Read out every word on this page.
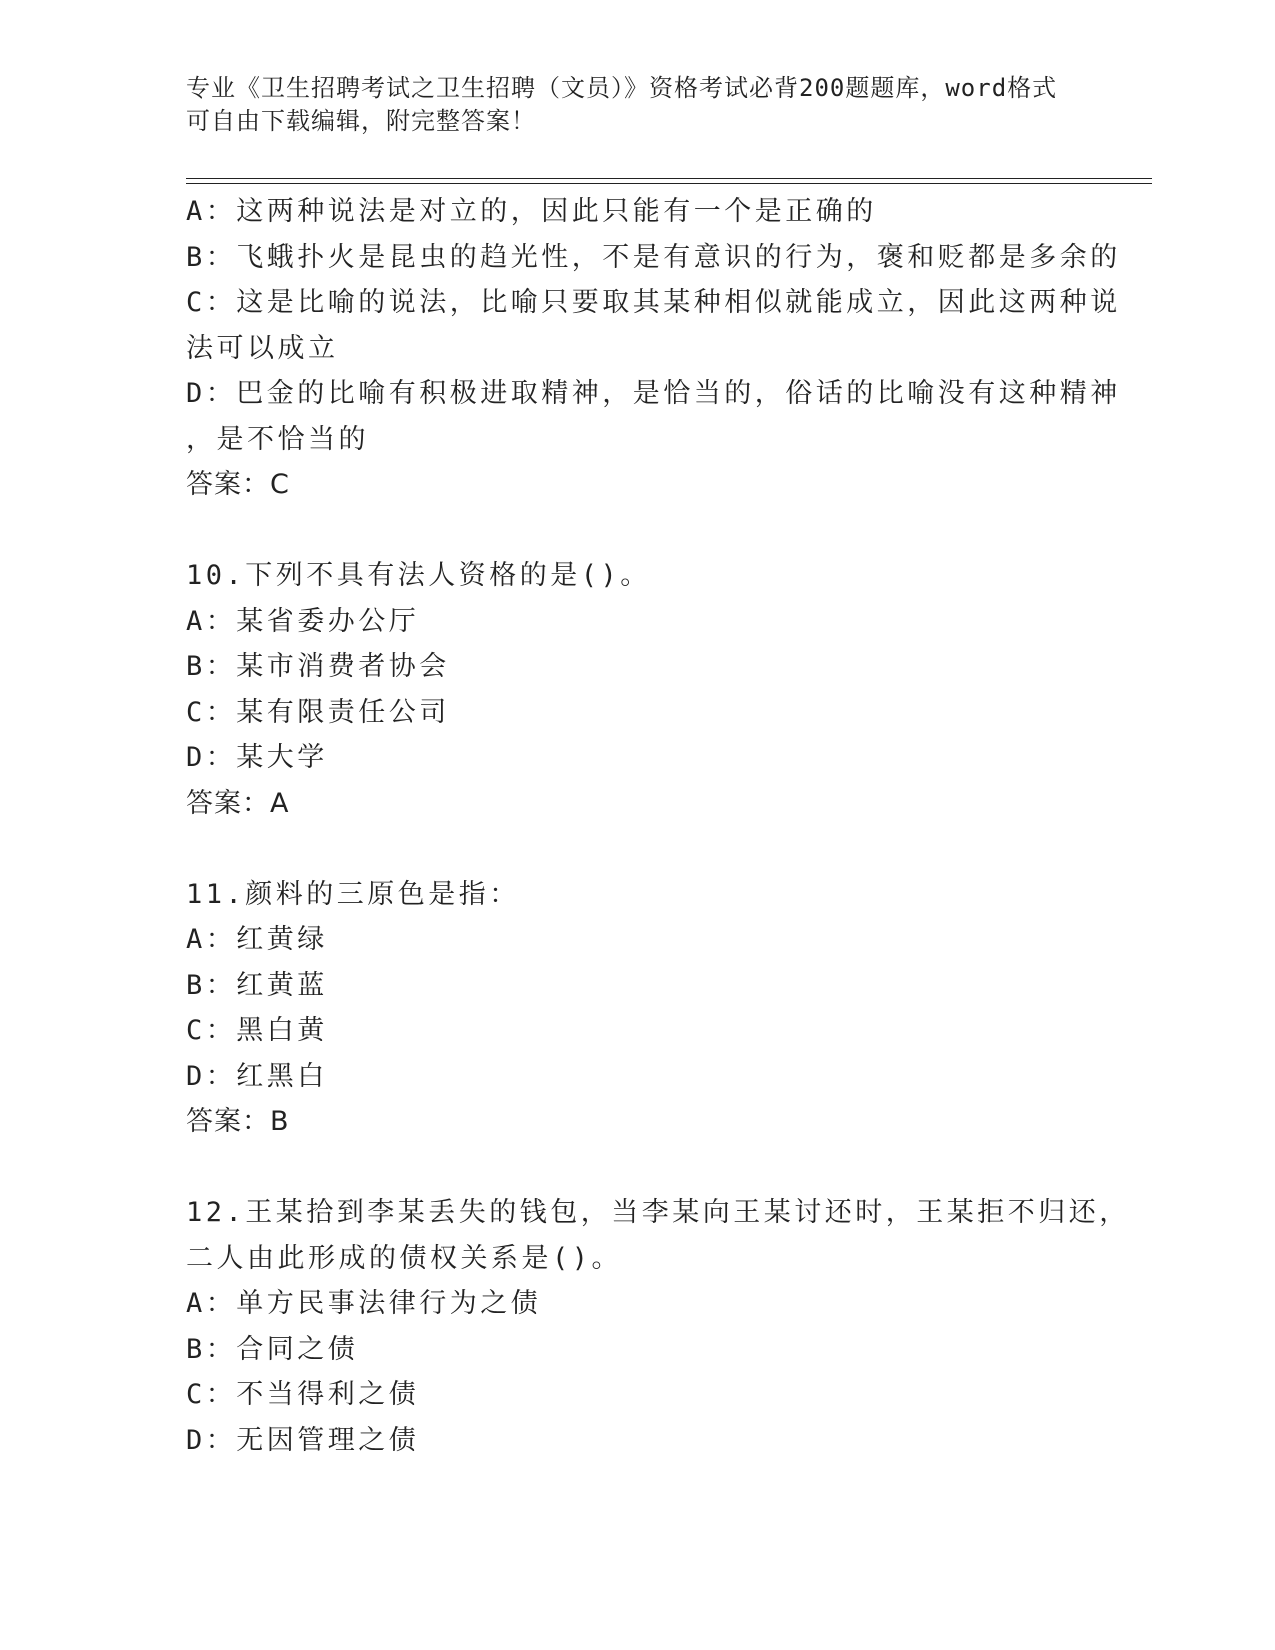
专业《卫生招聘考试之卫生招聘（文员）》资格考试必背200题题库，word格式
可自由下载编辑，附完整答案！
A：这两种说法是对立的，因此只能有一个是正确的
B：飞蛾扑火是昆虫的趋光性，不是有意识的行为，褒和贬都是多余的
C：这是比喻的说法，比喻只要取其某种相似就能成立，因此这两种说
法可以成立
D：巴金的比喻有积极进取精神，是恰当的，俗话的比喻没有这种精神
，是不恰当的
答案：C
10.下列不具有法人资格的是()。
A：某省委办公厅
B：某市消费者协会
C：某有限责任公司
D：某大学
答案：A
11.颜料的三原色是指：
A：红黄绿
B：红黄蓝
C：黑白黄
D：红黑白
答案：B
12.王某拾到李某丢失的钱包，当李某向王某讨还时，王某拒不归还，
二人由此形成的债权关系是()。
A：单方民事法律行为之债
B：合同之债
C：不当得利之债
D：无因管理之债
